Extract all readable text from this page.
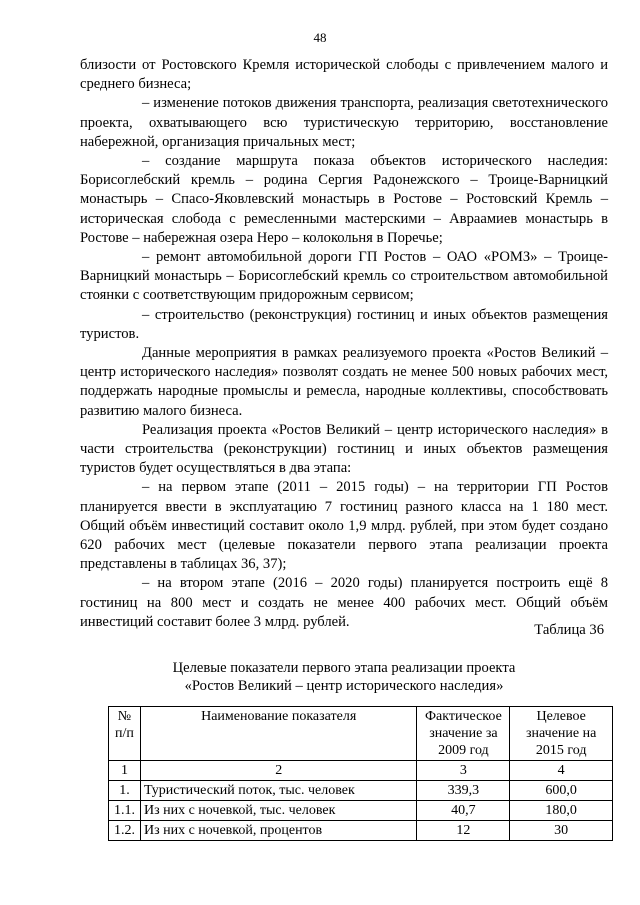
48

близости от Ростовского Кремля исторической слободы с привлечением малого и среднего бизнеса;

– изменение потоков движения транспорта, реализация светотехнического проекта, охватывающего всю туристическую территорию, восстановление набережной, организация причальных мест;

– создание маршрута показа объектов исторического наследия: Борисоглебский кремль – родина Сергия Радонежского – Троице-Варницкий монастырь – Спасо-Яковлевский монастырь в Ростове – Ростовский Кремль – историческая слобода с ремесленными мастерскими – Авраамиев монастырь в Ростове – набережная озера Неро – колокольня в Поречье;

– ремонт автомобильной дороги ГП Ростов – ОАО «РОМЗ» – Троице-Варницкий монастырь – Борисоглебский кремль со строительством автомобильной стоянки с соответствующим придорожным сервисом;

– строительство (реконструкция) гостиниц и иных объектов размещения туристов.

Данные мероприятия в рамках реализуемого проекта «Ростов Великий – центр исторического наследия» позволят создать не менее 500 новых рабочих мест, поддержать народные промыслы и ремесла, народные коллективы, способствовать развитию малого бизнеса.

Реализация проекта «Ростов Великий – центр исторического наследия» в части строительства (реконструкции) гостиниц и иных объектов размещения туристов будет осуществляться в два этапа:

– на первом этапе (2011 – 2015 годы) – на территории ГП Ростов планируется ввести в эксплуатацию 7 гостиниц разного класса на 1 180 мест. Общий объём инвестиций составит около 1,9 млрд. рублей, при этом будет создано 620 рабочих мест (целевые показатели первого этапа реализации проекта представлены в таблицах 36, 37);

– на втором этапе (2016 – 2020 годы) планируется построить ещё 8 гостиниц на 800 мест и создать не менее 400 рабочих мест. Общий объём инвестиций составит более 3 млрд. рублей.

Таблица 36
Целевые показатели первого этапа реализации проекта
«Ростов Великий – центр исторического наследия»
№ п/п	Наименование показателя	Фактическое значение за 2009 год	Целевое значение на 2015 год
1	2	3	4
1.	Туристический поток, тыс. человек	339,3	600,0
1.1.	Из них с ночевкой, тыс. человек	40,7	180,0
1.2.	Из них с ночевкой, процентов	12	30
